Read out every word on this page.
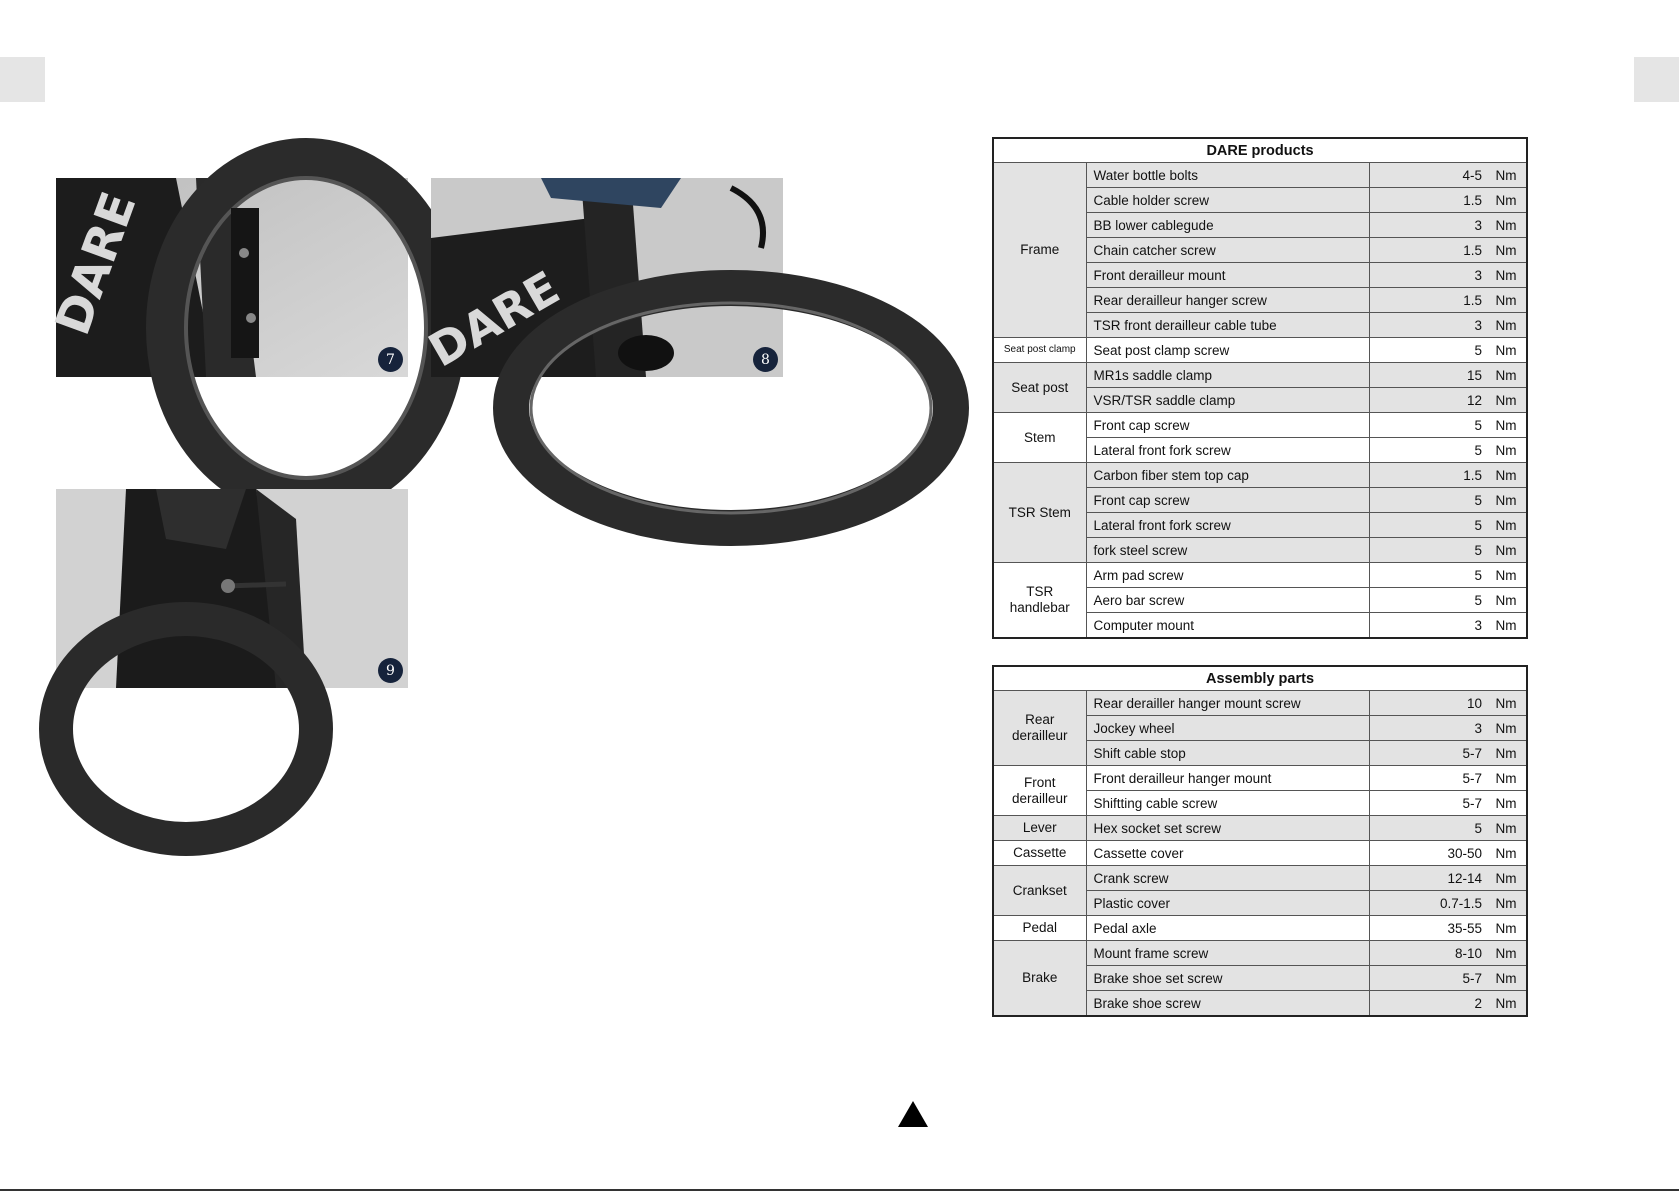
DARE
7 DARE	8
9
DARE products		
Frame	Water bottle bolts	4-5 Nm
	Cable holder screw	1.5 Nm
	BB lower cablegude	3 Nm
	Chain catcher screw	1.5 Nm
	Front derailleur mount	3 Nm
	Rear derailleur hanger screw	1.5 Nm
	TSR front derailleur cable tube	3 Nm
Seat post clamp	Seat post clamp screw	5 Nm
Seat post	MR1s saddle clamp	15 Nm
	VSR/TSR saddle clamp	12 Nm
Stem	Front cap screw	5 Nm
	Lateral front fork screw	5 Nm
TSR Stem	Carbon fiber stem top cap	1.5 Nm
	Front cap screw	5 Nm
	Lateral front fork screw	5 Nm
	fork steel screw	5 Nm
TSR handlebar	Arm pad screw	5 Nm
	Aero bar screw	5 Nm
	Computer mount	3 Nm
Assembly parts		
Rear derailleur	Rear derailler hanger mount screw	10 Nm
	Jockey wheel	3 Nm
	Shift cable stop	5-7 Nm
Front derailleur	Front derailleur hanger mount	5-7 Nm
	Shiftting cable screw	5-7 Nm
Lever	Hex socket set screw	5 Nm
Cassette	Cassette cover	30-50 Nm
Crankset	Crank screw	12-14 Nm
	Plastic cover	0.7-1.5 Nm
Pedal	Pedal axle	35-55 Nm
Brake	Mount frame screw	8-10 Nm
	Brake shoe set screw	5-7 Nm
	Brake shoe screw	2 Nm
